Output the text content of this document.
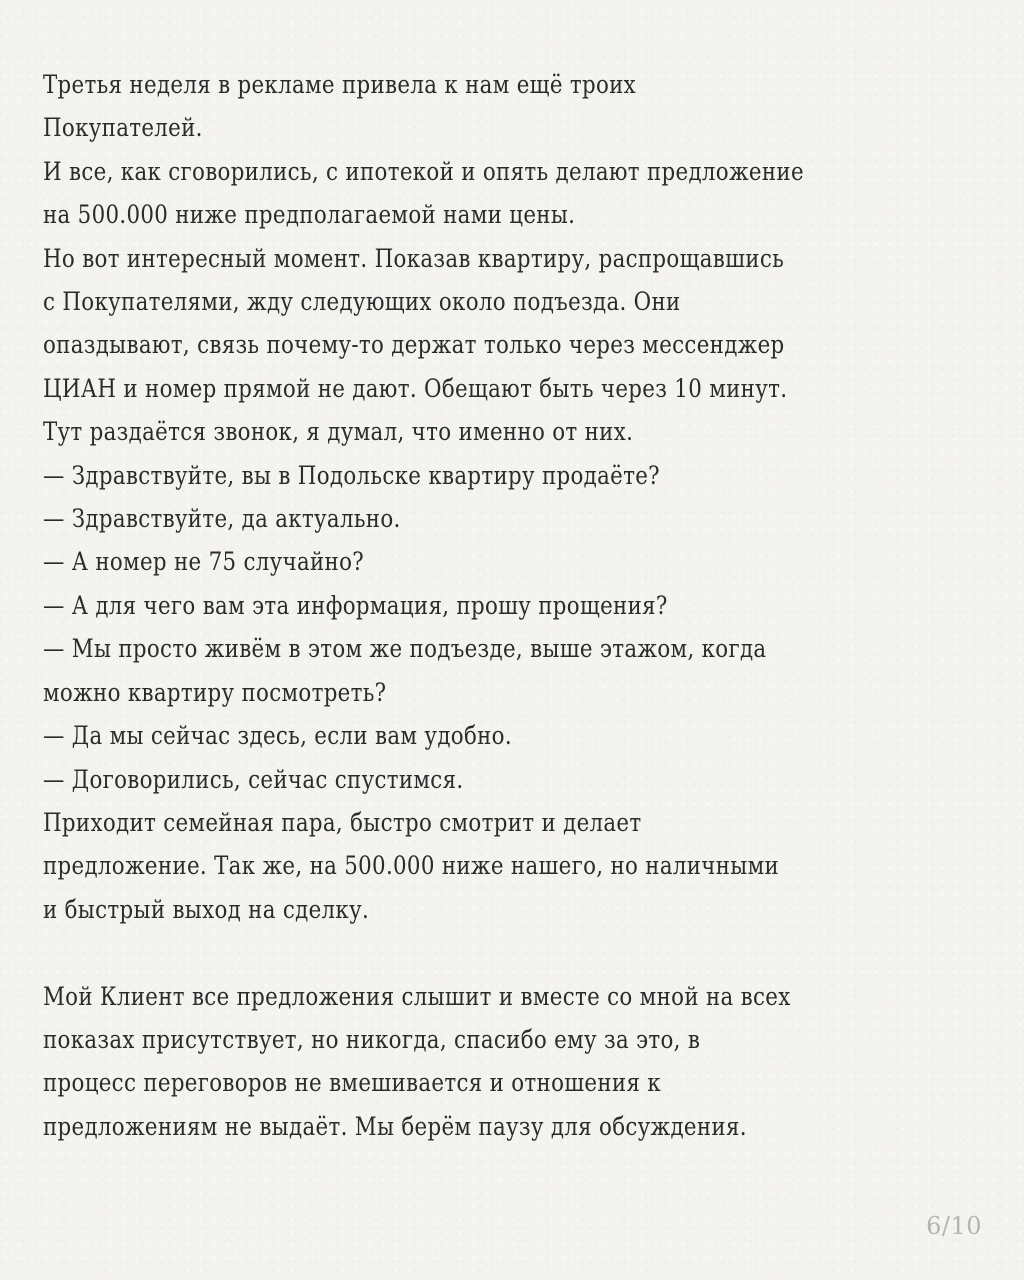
Третья неделя в рекламе привела к нам ещё троих
Покупателей.
И все, как сговорились, с ипотекой и опять делают предложение
на 500.000 ниже предполагаемой нами цены.
Но вот интересный момент. Показав квартиру, распрощавшись
с Покупателями, жду следующих около подъезда. Они
опаздывают, связь почему-то держат только через мессенджер
ЦИАН и номер прямой не дают. Обещают быть через 10 минут.
Тут раздаётся звонок, я думал, что именно от них.
— Здравствуйте, вы в Подольске квартиру продаёте?
— Здравствуйте, да актуально.
— А номер не 75 случайно?
— А для чего вам эта информация, прошу прощения?
— Мы просто живём в этом же подъезде, выше этажом, когда
можно квартиру посмотреть?
— Да мы сейчас здесь, если вам удобно.
— Договорились, сейчас спустимся.
Приходит семейная пара, быстро смотрит и делает
предложение. Так же, на 500.000 ниже нашего, но наличными
и быстрый выход на сделку.
Мой Клиент все предложения слышит и вместе со мной на всех
показах присутствует, но никогда, спасибо ему за это, в
процесс переговоров не вмешивается и отношения к
предложениям не выдаёт. Мы берём паузу для обсуждения.
6/10
